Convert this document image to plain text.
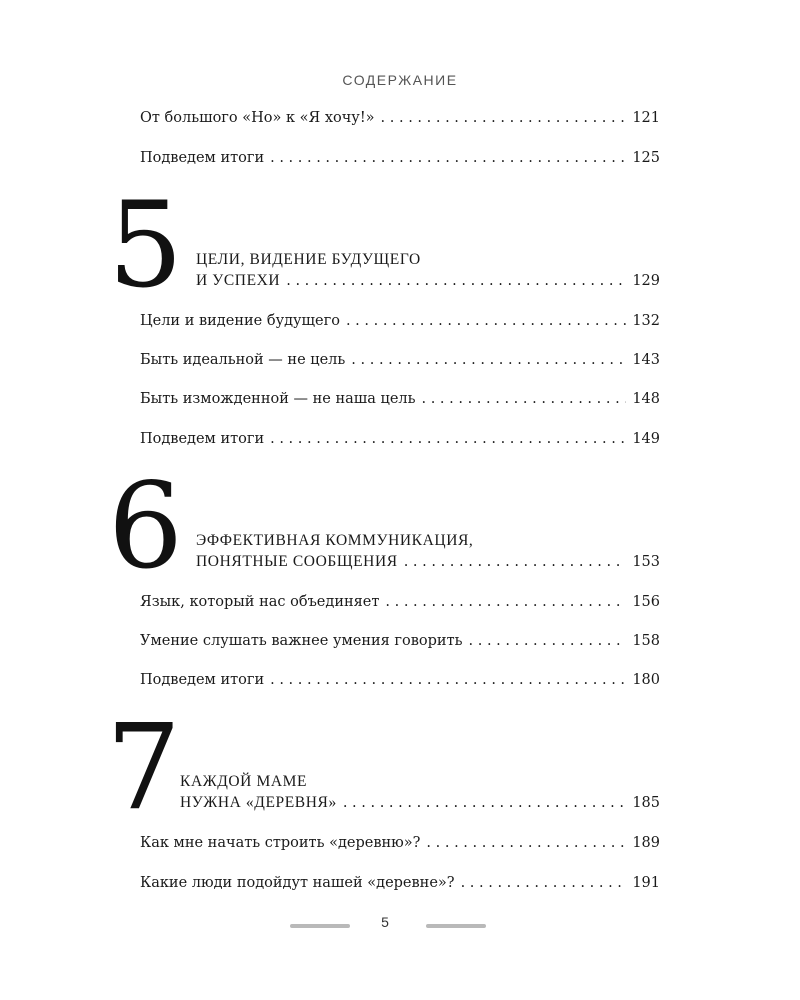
СОДЕРЖАНИЕ
От большого «Но» к «Я хочу!» . . .	121
Подведем итоги . . .	125
5 ЦЕЛИ, ВИДЕНИЕ БУДУЩЕГО
И УСПЕХИ . . .	129
Цели и видение будущего . . .	132
Быть идеальной — не цель . . .	143
Быть изможденной — не наша цель . . .	148
Подведем итоги . . .	149
6 ЭФФЕКТИВНАЯ КОММУНИКАЦИЯ,
ПОНЯТНЫЕ СООБЩЕНИЯ . . .	153
Язык, который нас объединяет . . .	156
Умение слушать важнее умения говорить . . .	158
Подведем итоги . . .	180
7
КАЖДОЙ МАМЕ
НУЖНА «ДЕРЕВНЯ» . . .	185
Как мне начать строить «деревню»? . . .	189
Какие люди подойдут нашей «деревне»? . . .	191
5
